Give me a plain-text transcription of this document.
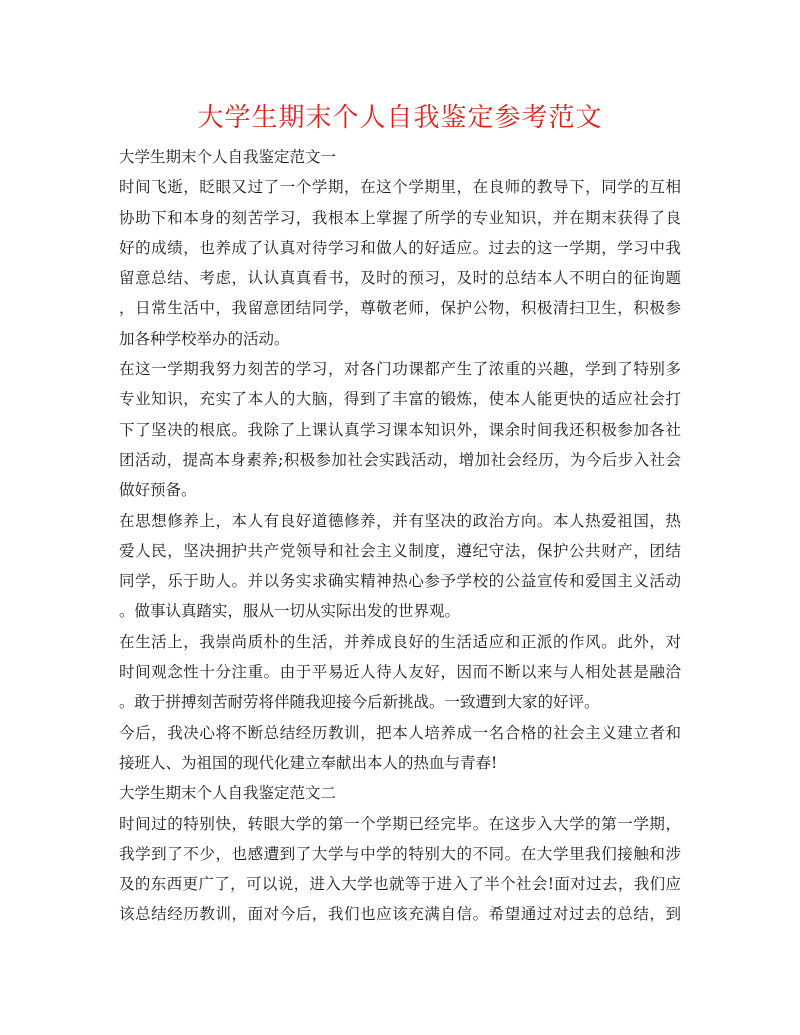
大学生期末个人自我鉴定参考范文

大学生期末个人自我鉴定范文一

时间飞逝，眨眼又过了一个学期，在这个学期里，在良师的教导下，同学的互相
协助下和本身的刻苦学习，我根本上掌握了所学的专业知识，并在期末获得了良
好的成绩，也养成了认真对待学习和做人的好适应。过去的这一学期，学习中我
留意总结、考虑，认认真真看书，及时的预习，及时的总结本人不明白的征询题
，日常生活中，我留意团结同学，尊敬老师，保护公物，积极清扫卫生，积极参
加各种学校举办的活动。

在这一学期我努力刻苦的学习，对各门功课都产生了浓重的兴趣，学到了特别多
专业知识，充实了本人的大脑，得到了丰富的锻炼，使本人能更快的适应社会打
下了坚决的根底。我除了上课认真学习课本知识外，课余时间我还积极参加各社
团活动，提高本身素养;积极参加社会实践活动，增加社会经历，为今后步入社会
做好预备。

在思想修养上，本人有良好道德修养，并有坚决的政治方向。本人热爱祖国，热
爱人民，坚决拥护共产党领导和社会主义制度，遵纪守法，保护公共财产，团结
同学，乐于助人。并以务实求确实精神热心参予学校的公益宣传和爱国主义活动
。做事认真踏实，服从一切从实际出发的世界观。

在生活上，我崇尚质朴的生活，并养成良好的生活适应和正派的作风。此外，对
时间观念性十分注重。由于平易近人待人友好，因而不断以来与人相处甚是融洽
。敢于拼搏刻苦耐劳将伴随我迎接今后新挑战。一致遭到大家的好评。

今后，我决心将不断总结经历教训，把本人培养成一名合格的社会主义建立者和
接班人、为祖国的现代化建立奉献出本人的热血与青春!

大学生期末个人自我鉴定范文二

时间过的特别快，转眼大学的第一个学期已经完毕。在这步入大学的第一学期，
我学到了不少，也感遭到了大学与中学的特别大的不同。在大学里我们接触和涉
及的东西更广了，可以说，进入大学也就等于进入了半个社会!面对过去，我们应
该总结经历教训，面对今后，我们也应该充满自信。希望通过对过去的总结，到
